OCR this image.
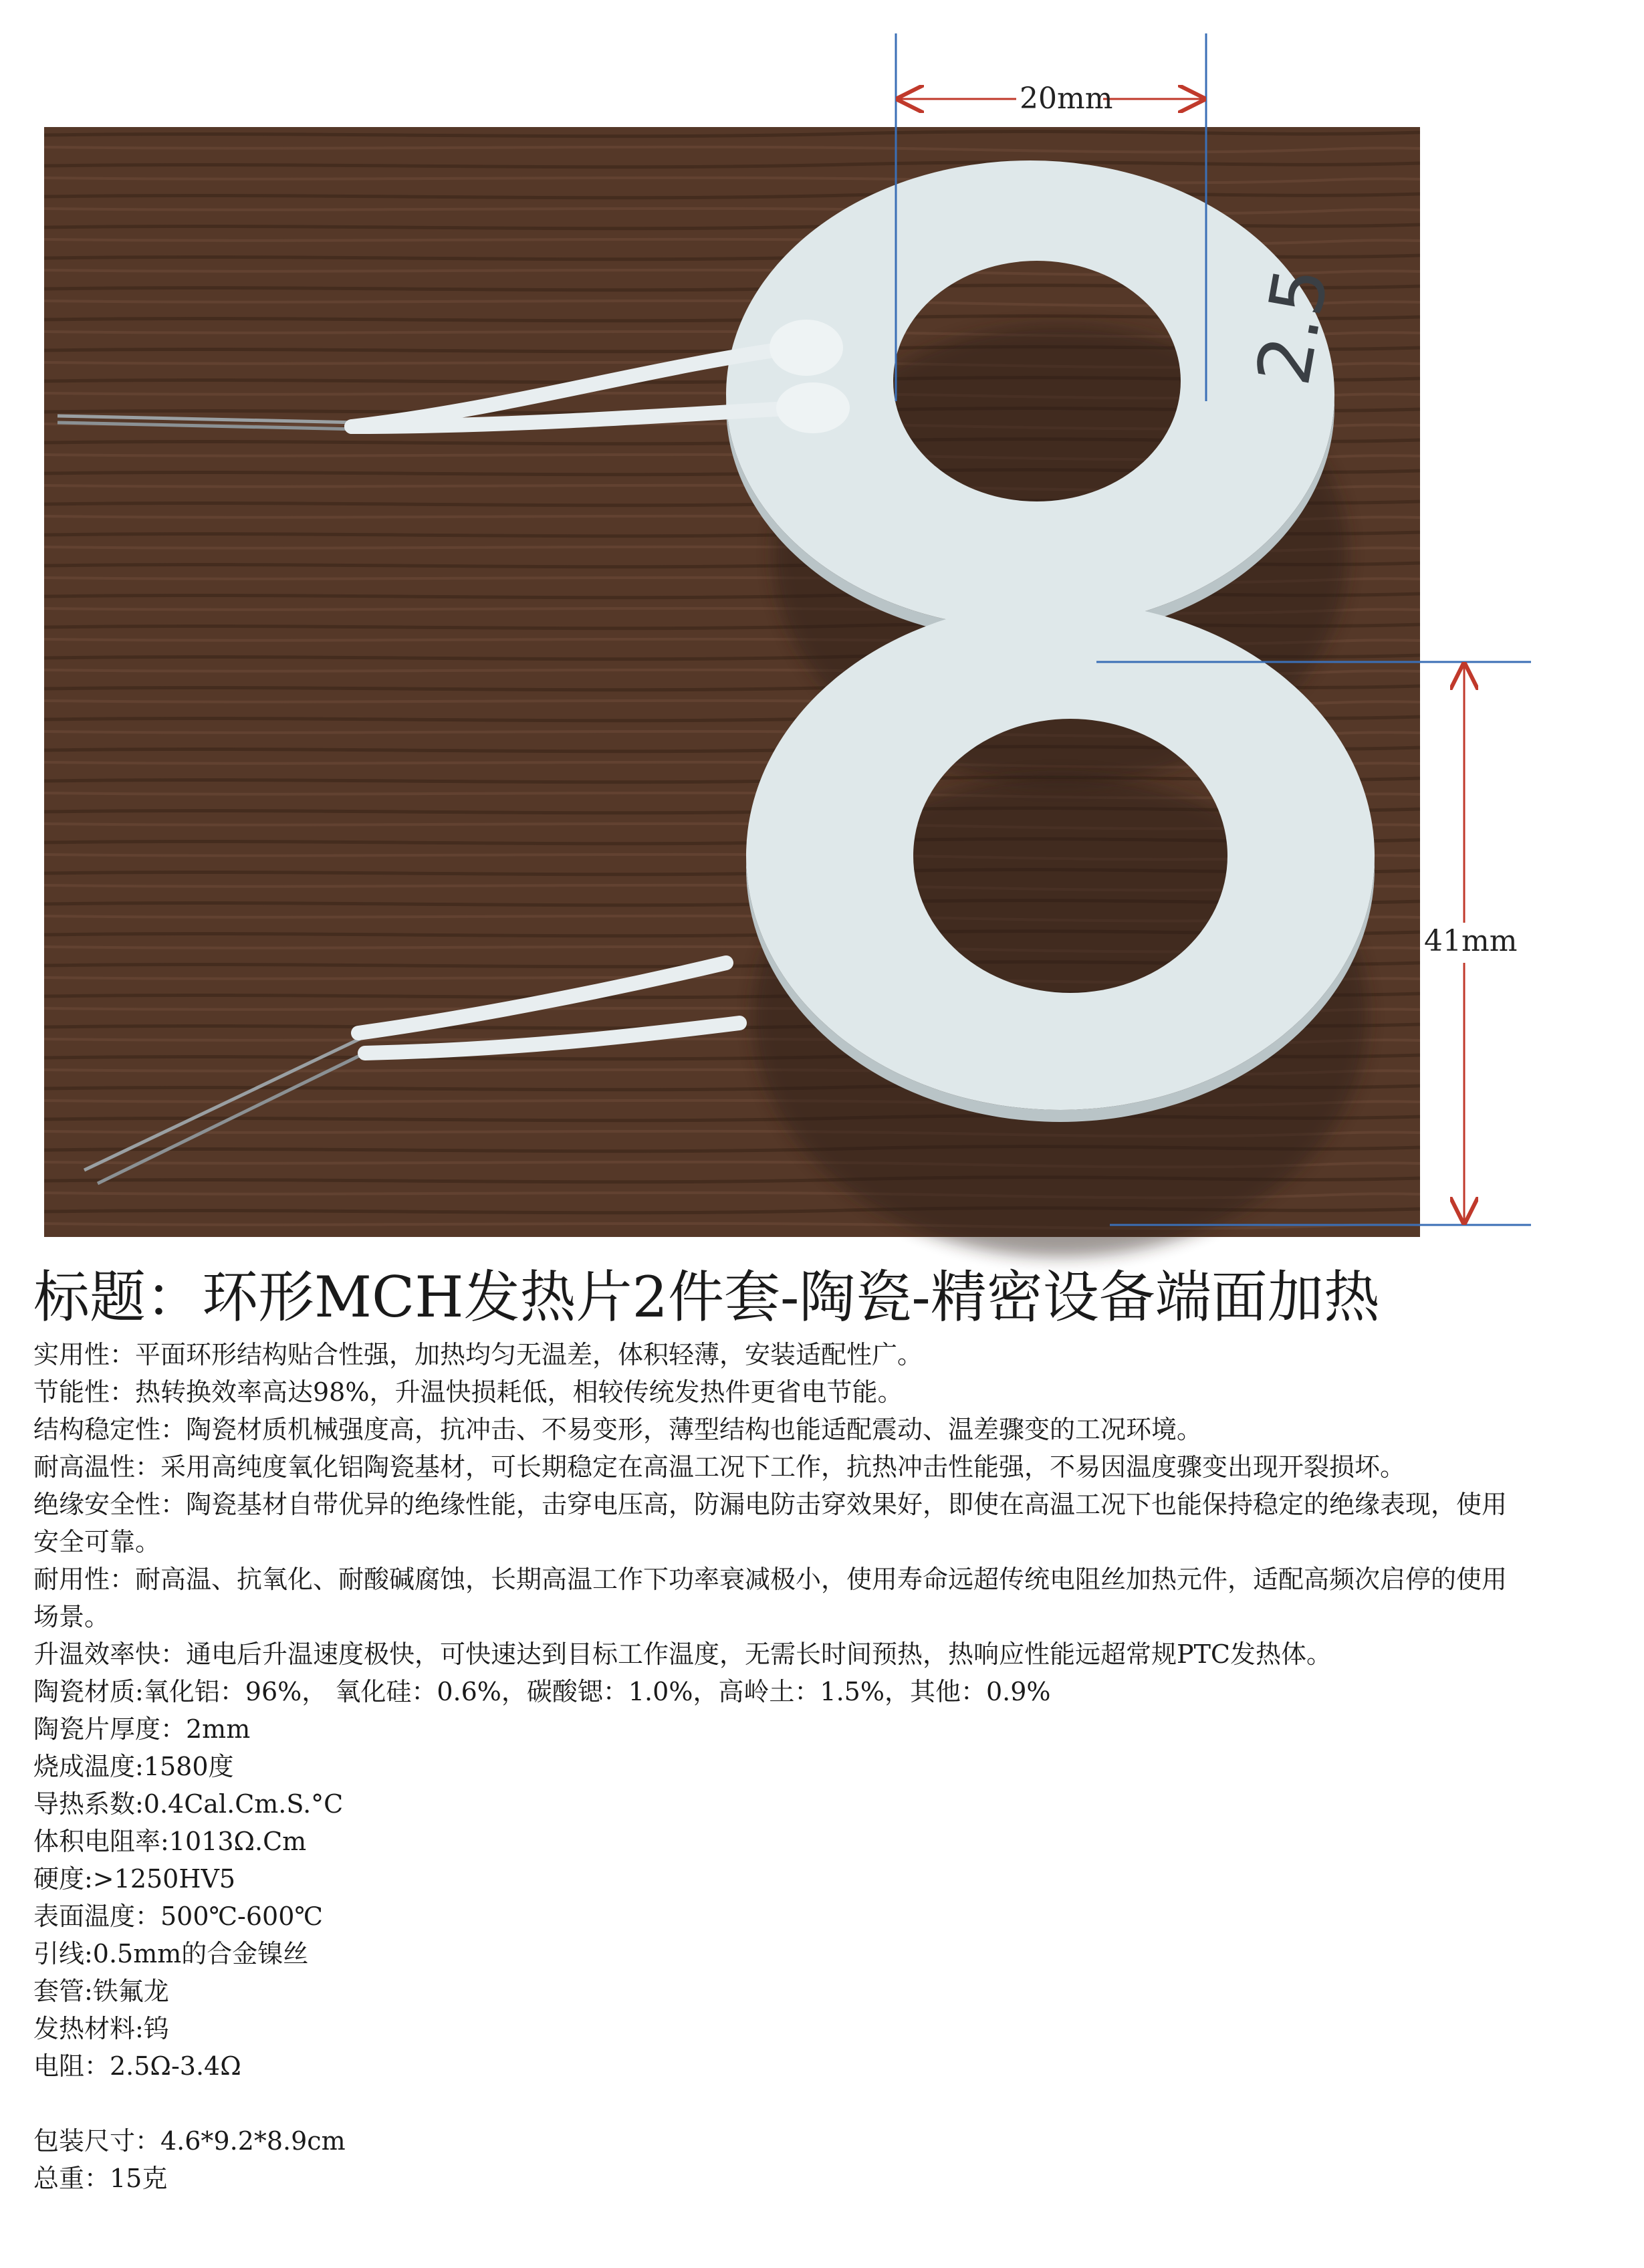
2.5
20mm
41mm
标题：环形MCH发热片2件套-陶瓷-精密设备端面加热
实用性：平面环形结构贴合性强，加热均匀无温差，体积轻薄，安装适配性广。
节能性：热转换效率高达98%，升温快损耗低，相较传统发热件更省电节能。
结构稳定性：陶瓷材质机械强度高，抗冲击、不易变形，薄型结构也能适配震动、温差骤变的工况环境。
耐高温性：采用高纯度氧化铝陶瓷基材，可长期稳定在高温工况下工作，抗热冲击性能强，不易因温度骤变出现开裂损坏。
绝缘安全性：陶瓷基材自带优异的绝缘性能，击穿电压高，防漏电防击穿效果好，即使在高温工况下也能保持稳定的绝缘表现，使用安全可靠。
耐用性：耐高温、抗氧化、耐酸碱腐蚀，长期高温工作下功率衰减极小，使用寿命远超传统电阻丝加热元件，适配高频次启停的使用场景。
升温效率快：通电后升温速度极快，可快速达到目标工作温度，无需长时间预热，热响应性能远超常规PTC发热体。
陶瓷材质:氧化铝：96%， 氧化硅：0.6%，碳酸锶：1.0%，高岭土：1.5%，其他：0.9%
陶瓷片厚度：2mm
烧成温度:1580度
导热系数:0.4Cal.Cm.S.°C
体积电阻率:1013Ω.Cm
硬度:>1250HV5
表面温度：500℃-600℃
引线:0.5mm的合金镍丝
套管:铁氟龙
发热材料:钨
电阻：2.5Ω-3.4Ω
包装尺寸：4.6*9.2*8.9cm
总重：15克
